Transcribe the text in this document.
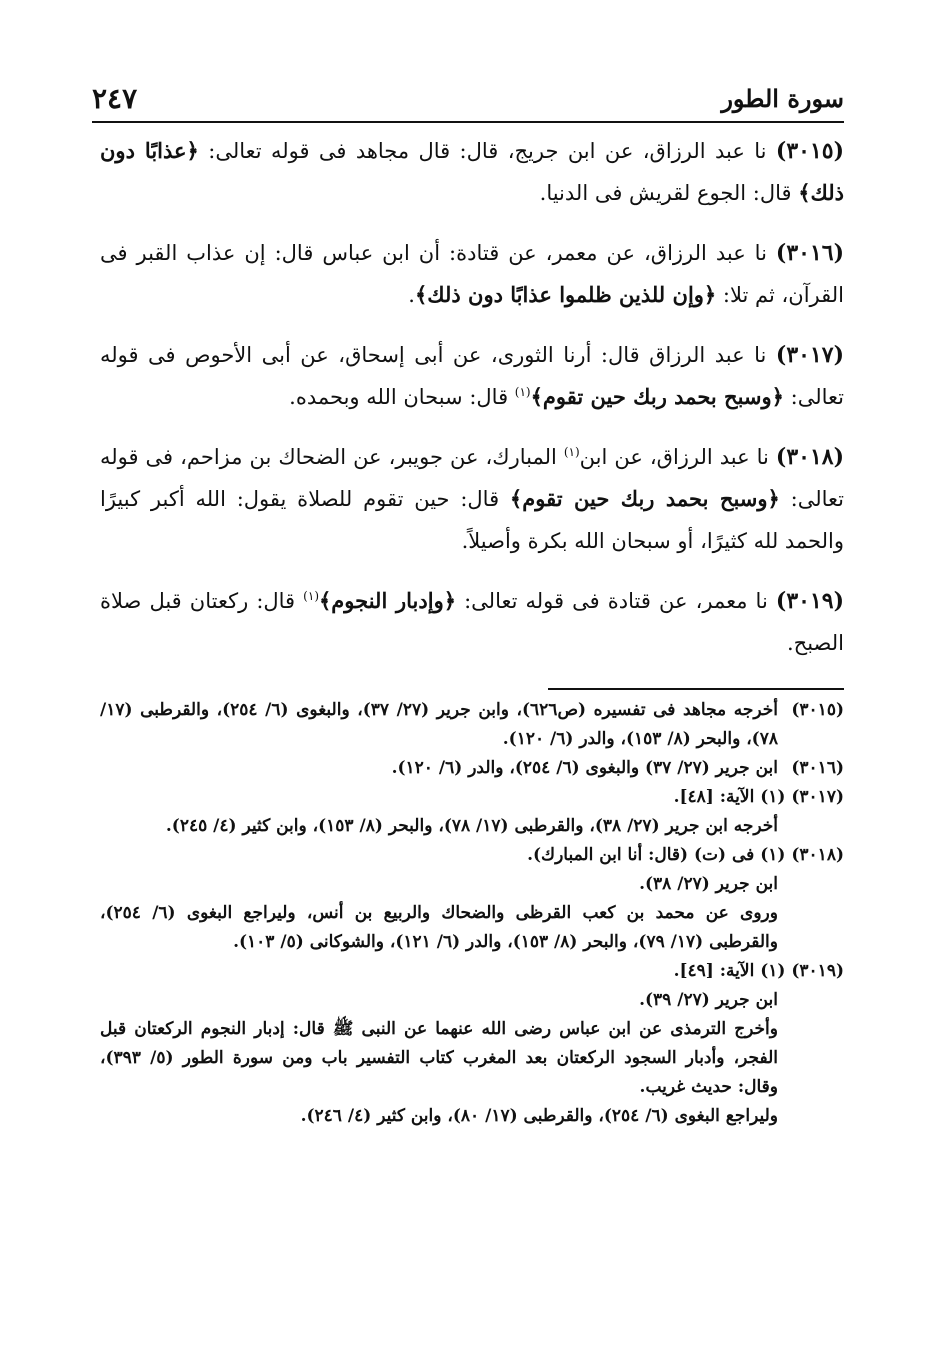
٢٤٧	سورة الطور

(٣٠١٥) نا عبد الرزاق، عن ابن جريج، قال: قال مجاهد فى قوله تعالى: ﴿عذابًا دون ذلك﴾ قال: الجوع لقريش فى الدنيا.

(٣٠١٦) نا عبد الرزاق، عن معمر، عن قتادة: أن ابن عباس قال: إن عذاب القبر فى القرآن، ثم تلا: ﴿وإن للذين ظلموا عذابًا دون ذلك﴾.

(٣٠١٧) نا عبد الرزاق قال: أرنا الثورى، عن أبى إسحاق، عن أبى الأحوص فى قوله تعالى: ﴿وسبح بحمد ربك حين تقوم﴾$^{(١)}$ قال: سبحان الله وبحمده.

(٣٠١٨) نا عبد الرزاق، عن ابن$^{(١)}$ المبارك، عن جويبر، عن الضحاك بن مزاحم، فى قوله تعالى: ﴿وسبح بحمد ربك حين تقوم﴾ قال: حين تقوم للصلاة يقول: الله أكبر كبيرًا والحمد لله كثيرًا، أو سبحان الله بكرة وأصيلاً.

(٣٠١٩) نا معمر، عن قتادة فى قوله تعالى: ﴿وإدبار النجوم﴾$^{(١)}$ قال: ركعتان قبل صلاة الصبح.

(٣٠١٥)
أخرجه مجاهد فى تفسيره (ص٦٢٦)، وابن جرير (٢٧/ ٣٧)، والبغوى (٦/ ٢٥٤)، والقرطبى (١٧/ ٧٨)، والبحر (٨/ ١٥٣)، والدر (٦/ ١٢٠).
(٣٠١٦)
ابن جرير (٢٧/ ٣٧) والبغوى (٦/ ٢٥٤)، والدر (٦/ ١٢٠).
(٣٠١٧) (١) الآية: [٤٨].
أخرجه ابن جرير (٢٧/ ٣٨)، والقرطبى (١٧/ ٧٨)، والبحر (٨/ ١٥٣)، وابن كثير (٤/ ٢٤٥).
(٣٠١٨) (١) فى (ت) (قال: أنا ابن المبارك).
ابن جرير (٢٧/ ٣٨).
وروى عن محمد بن كعب القرظى والضحاك والربيع بن أنس، وليراجع البغوى (٦/ ٢٥٤)، والقرطبى (١٧/ ٧٩)، والبحر (٨/ ١٥٣)، والدر (٦/ ١٢١)، والشوكانى (٥/ ١٠٣).
(٣٠١٩) (١) الآية: [٤٩].
ابن جرير (٢٧/ ٣٩).
وأخرج الترمذى عن ابن عباس رضى الله عنهما عن النبى ﷺ قال: إدبار النجوم الركعتان قبل الفجر، وأدبار السجود الركعتان بعد المغرب كتاب التفسير باب ومن سورة الطور (٥/ ٣٩٣)، وقال: حديث غريب.
وليراجع البغوى (٦/ ٢٥٤)، والقرطبى (١٧/ ٨٠)، وابن كثير (٤/ ٢٤٦).
